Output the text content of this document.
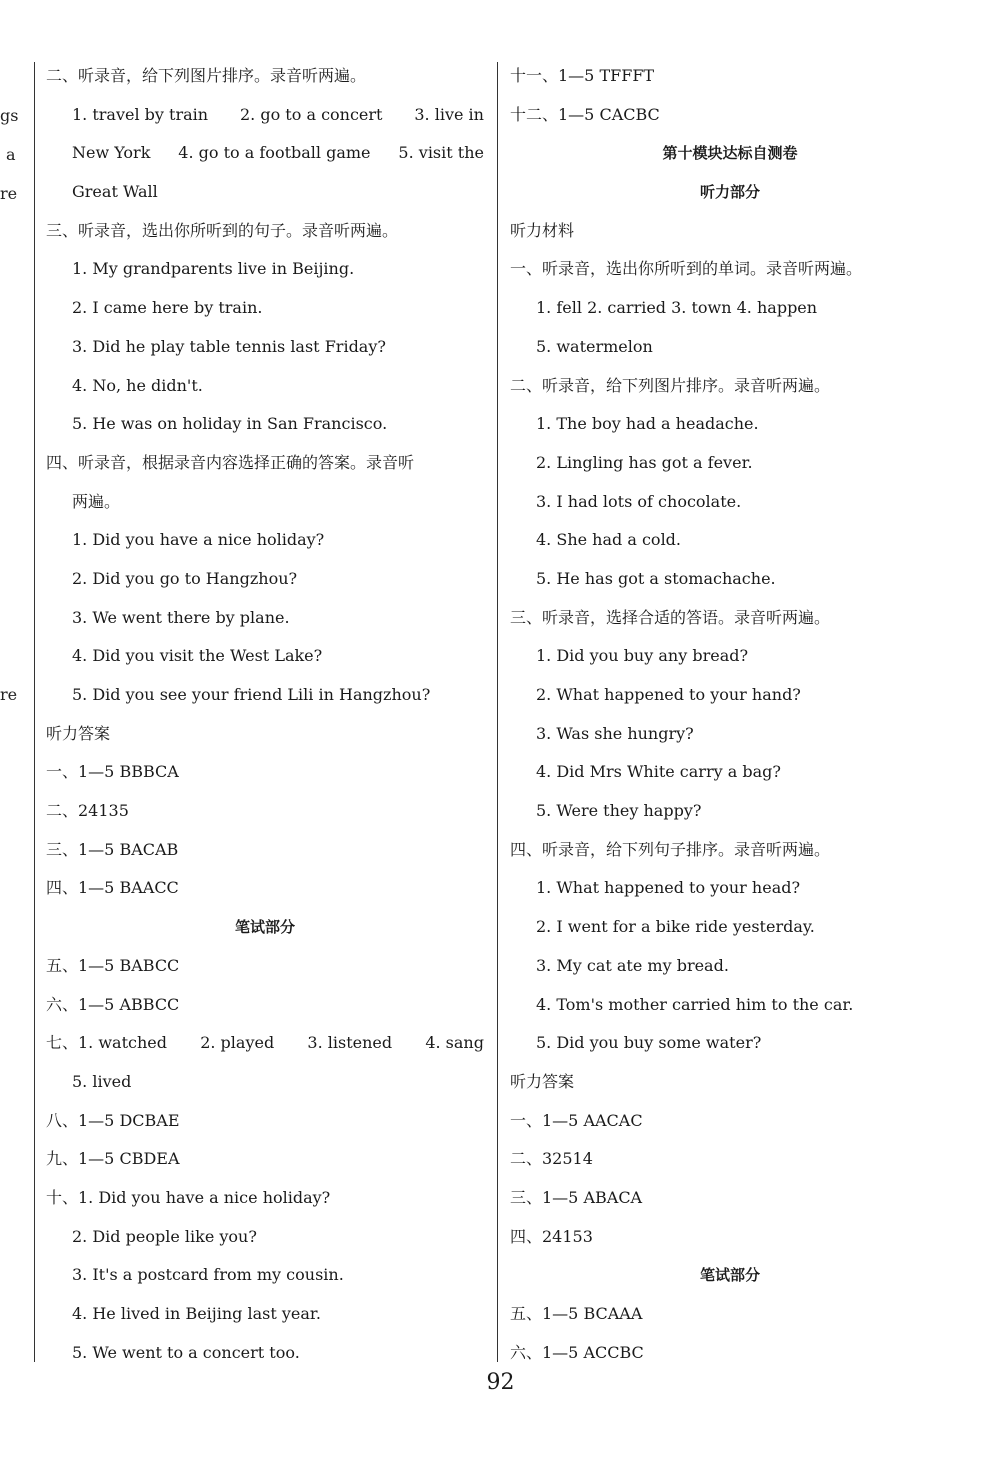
gs
a
re
re
二、听录音，给下列图片排序。录音听两遍。
1. travel by train 2. go to a concert 3. live in
New York 4. go to a football game 5. visit the
Great Wall
三、听录音，选出你所听到的句子。录音听两遍。
1. My grandparents live in Beijing.
2. I came here by train.
3. Did he play table tennis last Friday?
4. No, he didn't.
5. He was on holiday in San Francisco.
四、听录音，根据录音内容选择正确的答案。录音听
两遍。
1. Did you have a nice holiday?
2. Did you go to Hangzhou?
3. We went there by plane.
4. Did you visit the West Lake?
5. Did you see your friend Lili in Hangzhou?
听力答案
一、1—5 BBBCA
二、24135
三、1—5 BACAB
四、1—5 BAACC
笔试部分
五、1—5 BABCC
六、1—5 ABBCC
七、1. watched 2. played 3. listened 4. sang
5. lived
八、1—5 DCBAE
九、1—5 CBDEA
十、1. Did you have a nice holiday?
2. Did people like you?
3. It's a postcard from my cousin.
4. He lived in Beijing last year.
5. We went to a concert too.
十一、1—5 TFFFT
十二、1—5 CACBC
第十模块达标自测卷
听力部分
听力材料
一、听录音，选出你所听到的单词。录音听两遍。
1. fell 2. carried 3. town 4. happen
5. watermelon
二、听录音，给下列图片排序。录音听两遍。
1. The boy had a headache.
2. Lingling has got a fever.
3. I had lots of chocolate.
4. She had a cold.
5. He has got a stomachache.
三、听录音，选择合适的答语。录音听两遍。
1. Did you buy any bread?
2. What happened to your hand?
3. Was she hungry?
4. Did Mrs White carry a bag?
5. Were they happy?
四、听录音，给下列句子排序。录音听两遍。
1. What happened to your head?
2. I went for a bike ride yesterday.
3. My cat ate my bread.
4. Tom's mother carried him to the car.
5. Did you buy some water?
听力答案
一、1—5 AACAC
二、32514
三、1—5 ABACA
四、24153
笔试部分
五、1—5 BCAAA
六、1—5 ACCBC
92
